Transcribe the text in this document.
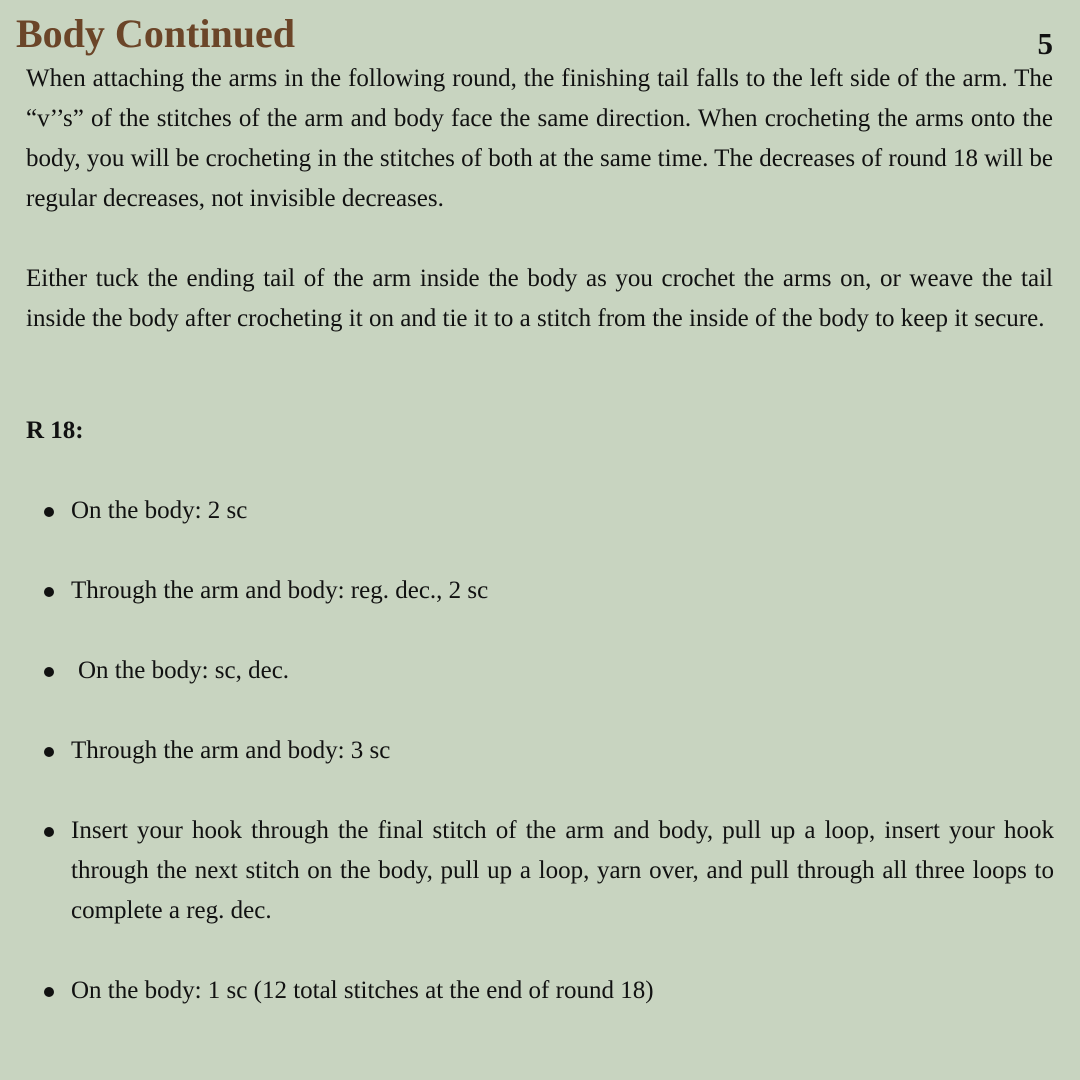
Body Continued	5

When attaching the arms in the following round, the finishing tail falls to the left side of the arm. The “v’’s” of the stitches of the arm and body face the same direction. When crocheting the arms onto the body, you will be crocheting in the stitches of both at the same time. The decreases of round 18 will be regular decreases, not invisible decreases.

Either tuck the ending tail of the arm inside the body as you crochet the arms on, or weave the tail inside the body after crocheting it on and tie it to a stitch from the inside of the body to keep it secure.

R 18:

On the body: 2 sc
Through the arm and body: reg. dec., 2 sc
On the body: sc, dec.
Through the arm and body: 3 sc
Insert your hook through the final stitch of the arm and body, pull up a loop, insert your hook through the next stitch on the body, pull up a loop, yarn over, and pull through all three loops to complete a reg. dec.
On the body: 1 sc (12 total stitches at the end of round 18)
